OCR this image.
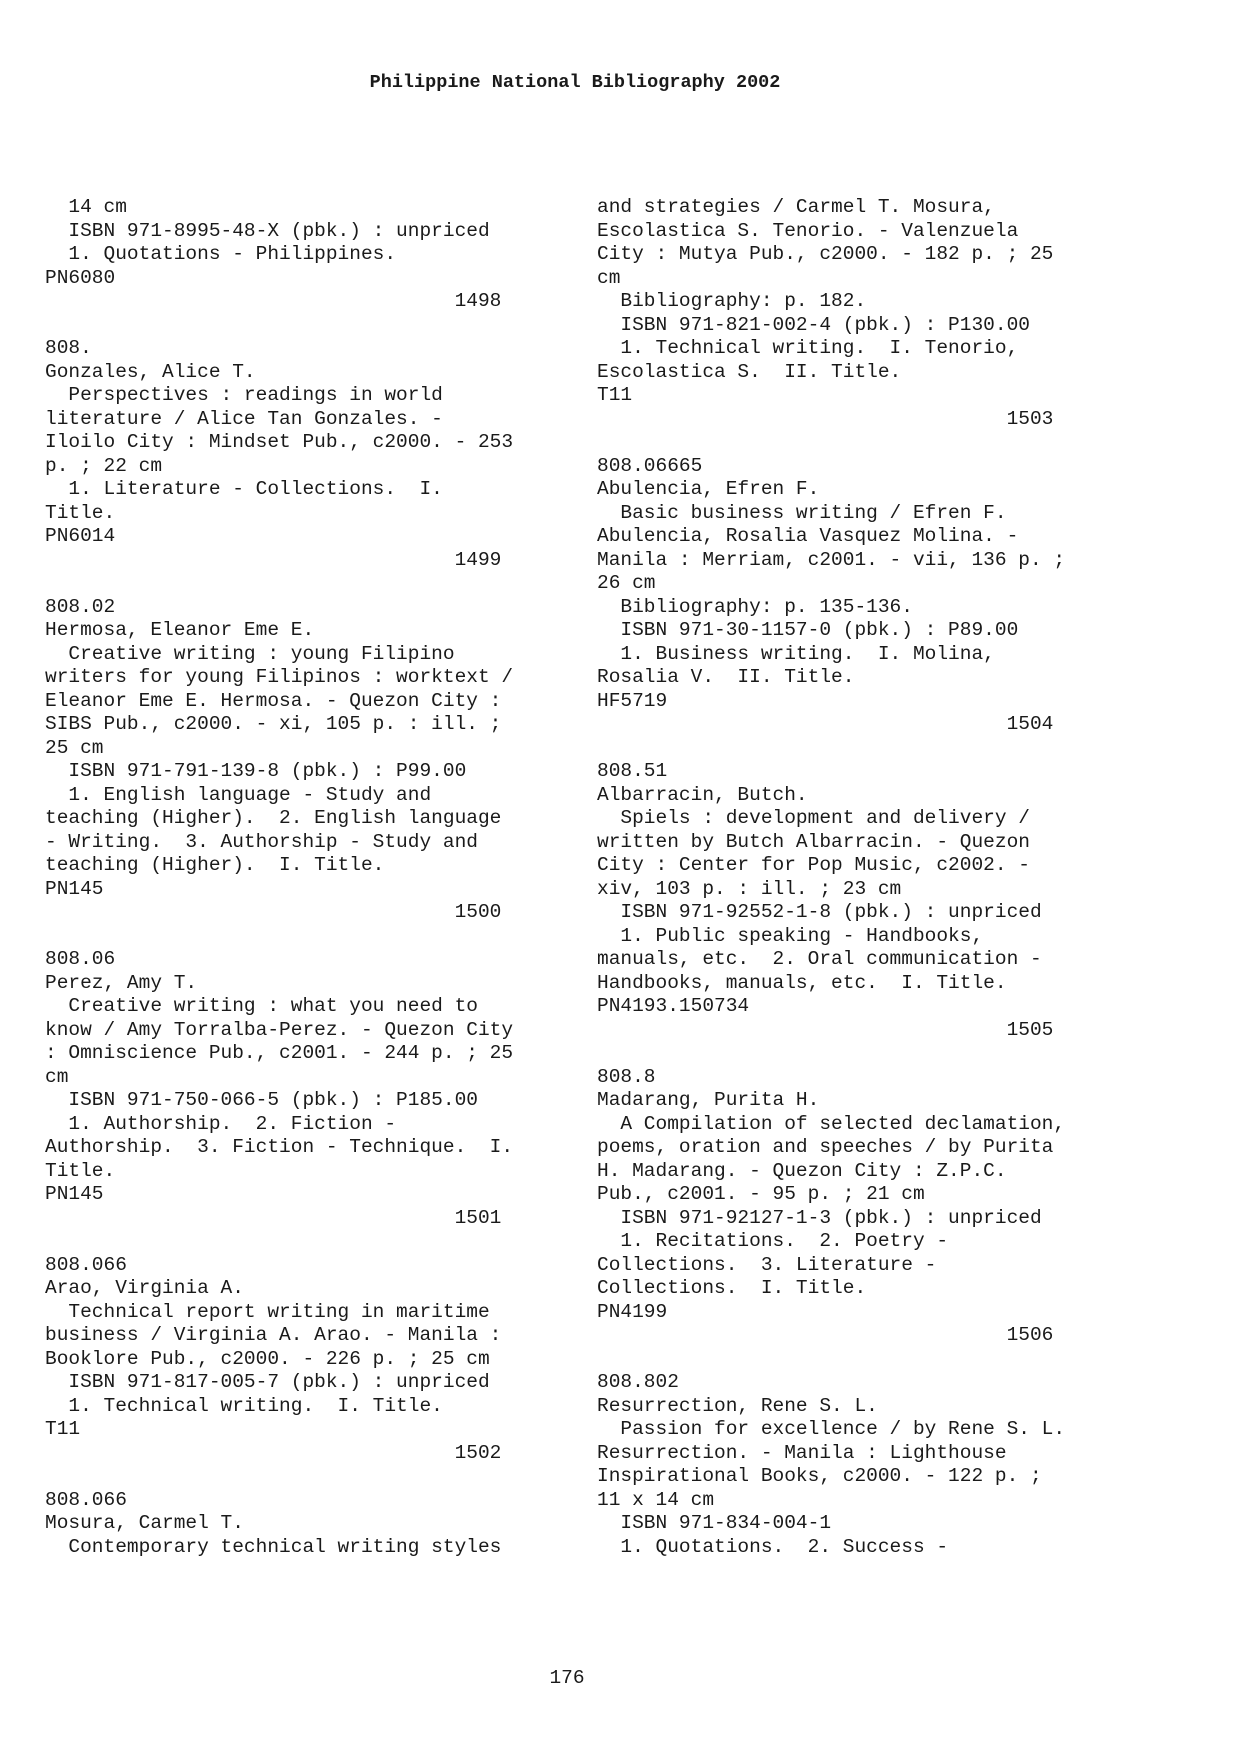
Philippine National Bibliography 2002
14 cm
ISBN 971-8995-48-X (pbk.) : unpriced
1. Quotations - Philippines.
PN6080
1498
808.
Gonzales, Alice T.
Perspectives : readings in world
literature / Alice Tan Gonzales. -
Iloilo City : Mindset Pub., c2000. - 253
p. ; 22 cm
1. Literature - Collections.  I.
Title.
PN6014
1499
808.02
Hermosa, Eleanor Eme E.
Creative writing : young Filipino
writers for young Filipinos : worktext /
Eleanor Eme E. Hermosa. - Quezon City :
SIBS Pub., c2000. - xi, 105 p. : ill. ;
25 cm
ISBN 971-791-139-8 (pbk.) : P99.00
1. English language - Study and
teaching (Higher).  2. English language
- Writing.  3. Authorship - Study and
teaching (Higher).  I. Title.
PN145
1500
808.06
Perez, Amy T.
Creative writing : what you need to
know / Amy Torralba-Perez. - Quezon City
: Omniscience Pub., c2001. - 244 p. ; 25
cm
ISBN 971-750-066-5 (pbk.) : P185.00
1. Authorship.  2. Fiction -
Authorship.  3. Fiction - Technique.  I.
Title.
PN145
1501
808.066
Arao, Virginia A.
Technical report writing in maritime
business / Virginia A. Arao. - Manila :
Booklore Pub., c2000. - 226 p. ; 25 cm
ISBN 971-817-005-7 (pbk.) : unpriced
1. Technical writing.  I. Title.
T11
1502
808.066
Mosura, Carmel T.
Contemporary technical writing styles
and strategies / Carmel T. Mosura,
Escolastica S. Tenorio. - Valenzuela
City : Mutya Pub., c2000. - 182 p. ; 25
cm
Bibliography: p. 182.
ISBN 971-821-002-4 (pbk.) : P130.00
1. Technical writing.  I. Tenorio,
Escolastica S.  II. Title.
T11
1503
808.06665
Abulencia, Efren F.
Basic business writing / Efren F.
Abulencia, Rosalia Vasquez Molina. -
Manila : Merriam, c2001. - vii, 136 p. ;
26 cm
Bibliography: p. 135-136.
ISBN 971-30-1157-0 (pbk.) : P89.00
1. Business writing.  I. Molina,
Rosalia V.  II. Title.
HF5719
1504
808.51
Albarracin, Butch.
Spiels : development and delivery /
written by Butch Albarracin. - Quezon
City : Center for Pop Music, c2002. -
xiv, 103 p. : ill. ; 23 cm
ISBN 971-92552-1-8 (pbk.) : unpriced
1. Public speaking - Handbooks,
manuals, etc.  2. Oral communication -
Handbooks, manuals, etc.  I. Title.
PN4193.150734
1505
808.8
Madarang, Purita H.
A Compilation of selected declamation,
poems, oration and speeches / by Purita
H. Madarang. - Quezon City : Z.P.C.
Pub., c2001. - 95 p. ; 21 cm
ISBN 971-92127-1-3 (pbk.) : unpriced
1. Recitations.  2. Poetry -
Collections.  3. Literature -
Collections.  I. Title.
PN4199
1506
808.802
Resurrection, Rene S. L.
Passion for excellence / by Rene S. L.
Resurrection. - Manila : Lighthouse
Inspirational Books, c2000. - 122 p. ;
11 x 14 cm
ISBN 971-834-004-1
1. Quotations.  2. Success -
176
